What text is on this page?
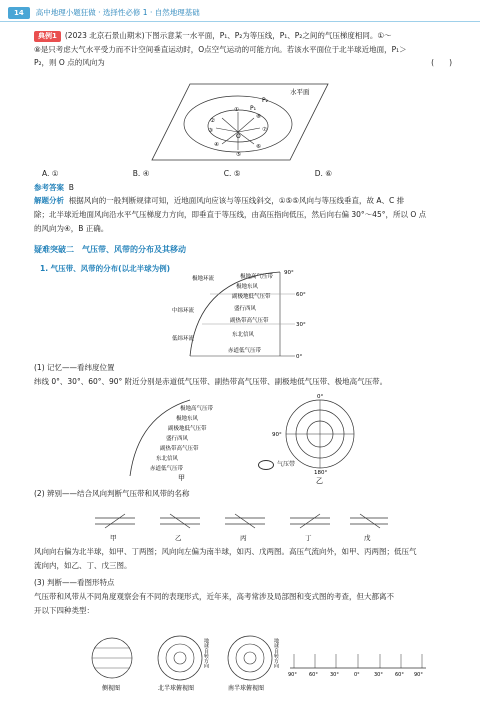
14	高中地理小题狂做 · 选择性必修 1 · 自然地理基础

典例1 (2023 北京石景山期末)下图示意某一水平面，P₁、P₂为等压线，P₁、P₂之间的气压梯度相同。①～

⑧是只考虑大气水平受力而不计空间垂直运动时，O点空气运动的可能方向。若该水平面位于北半球近地面，P₁＞

P₂，则 O 点的风向为	(　　)

水平面
P₁
P₂
O
①
②
③
④
⑤
⑥
⑦
⑧
A. ①	B. ④	C. ⑤	D. ⑥

参考答案 B

解题分析 根据风向的一般判断规律可知，近地面风向应该与等压线斜交，①⑤⑤风向与等压线垂直，故 A、C 排

除；北半球近地面风向沿水平气压梯度力方向，即垂直于等压线，由高压指向低压，然后向右偏 30°～45°，所以 O 点

的风向为④，B 正确。

疑难突破二　气压带、风带的分布及其移动
1. 气压带、风带的分布(以北半球为例)
极地环流
中纬环流
低纬环流
极地高气压带
极地东风
副极地低气压带
盛行西风
副热带高气压带
东北信风
赤道低气压带
90°
60°
30°
0°

(1) 记忆——看纬度位置

纬线 0°、30°、60°、90° 附近分别是赤道低气压带、副热带高气压带、副极地低气压带、极地高气压带。

极地高气压带
极地东风
副极地低气压带
盛行西风
副热带高气压带
东北信风
赤道低气压带
甲
0°
90°
180°
乙
气压带

(2) 辨别——结合风向判断气压带和风带的名称

甲	乙	丙	丁	戊

风向向右偏为北半球，如甲、丁两图；风向向左偏为南半球，如丙、戊两图。高压气流向外，如甲、丙两图；低压气

流向内，如乙、丁、戊三图。

(3) 判断——看图形特点

气压带和风带从不同角度观察会有不同的表现形式，近年来，高考常涉及局部图和变式图的考查，但大都离不

开以下四种类型：

侧视图
地球自转方向
北半球俯视图
地球自转方向
南半球俯视图
90° 60° 30°	0°	30° 60° 90°
